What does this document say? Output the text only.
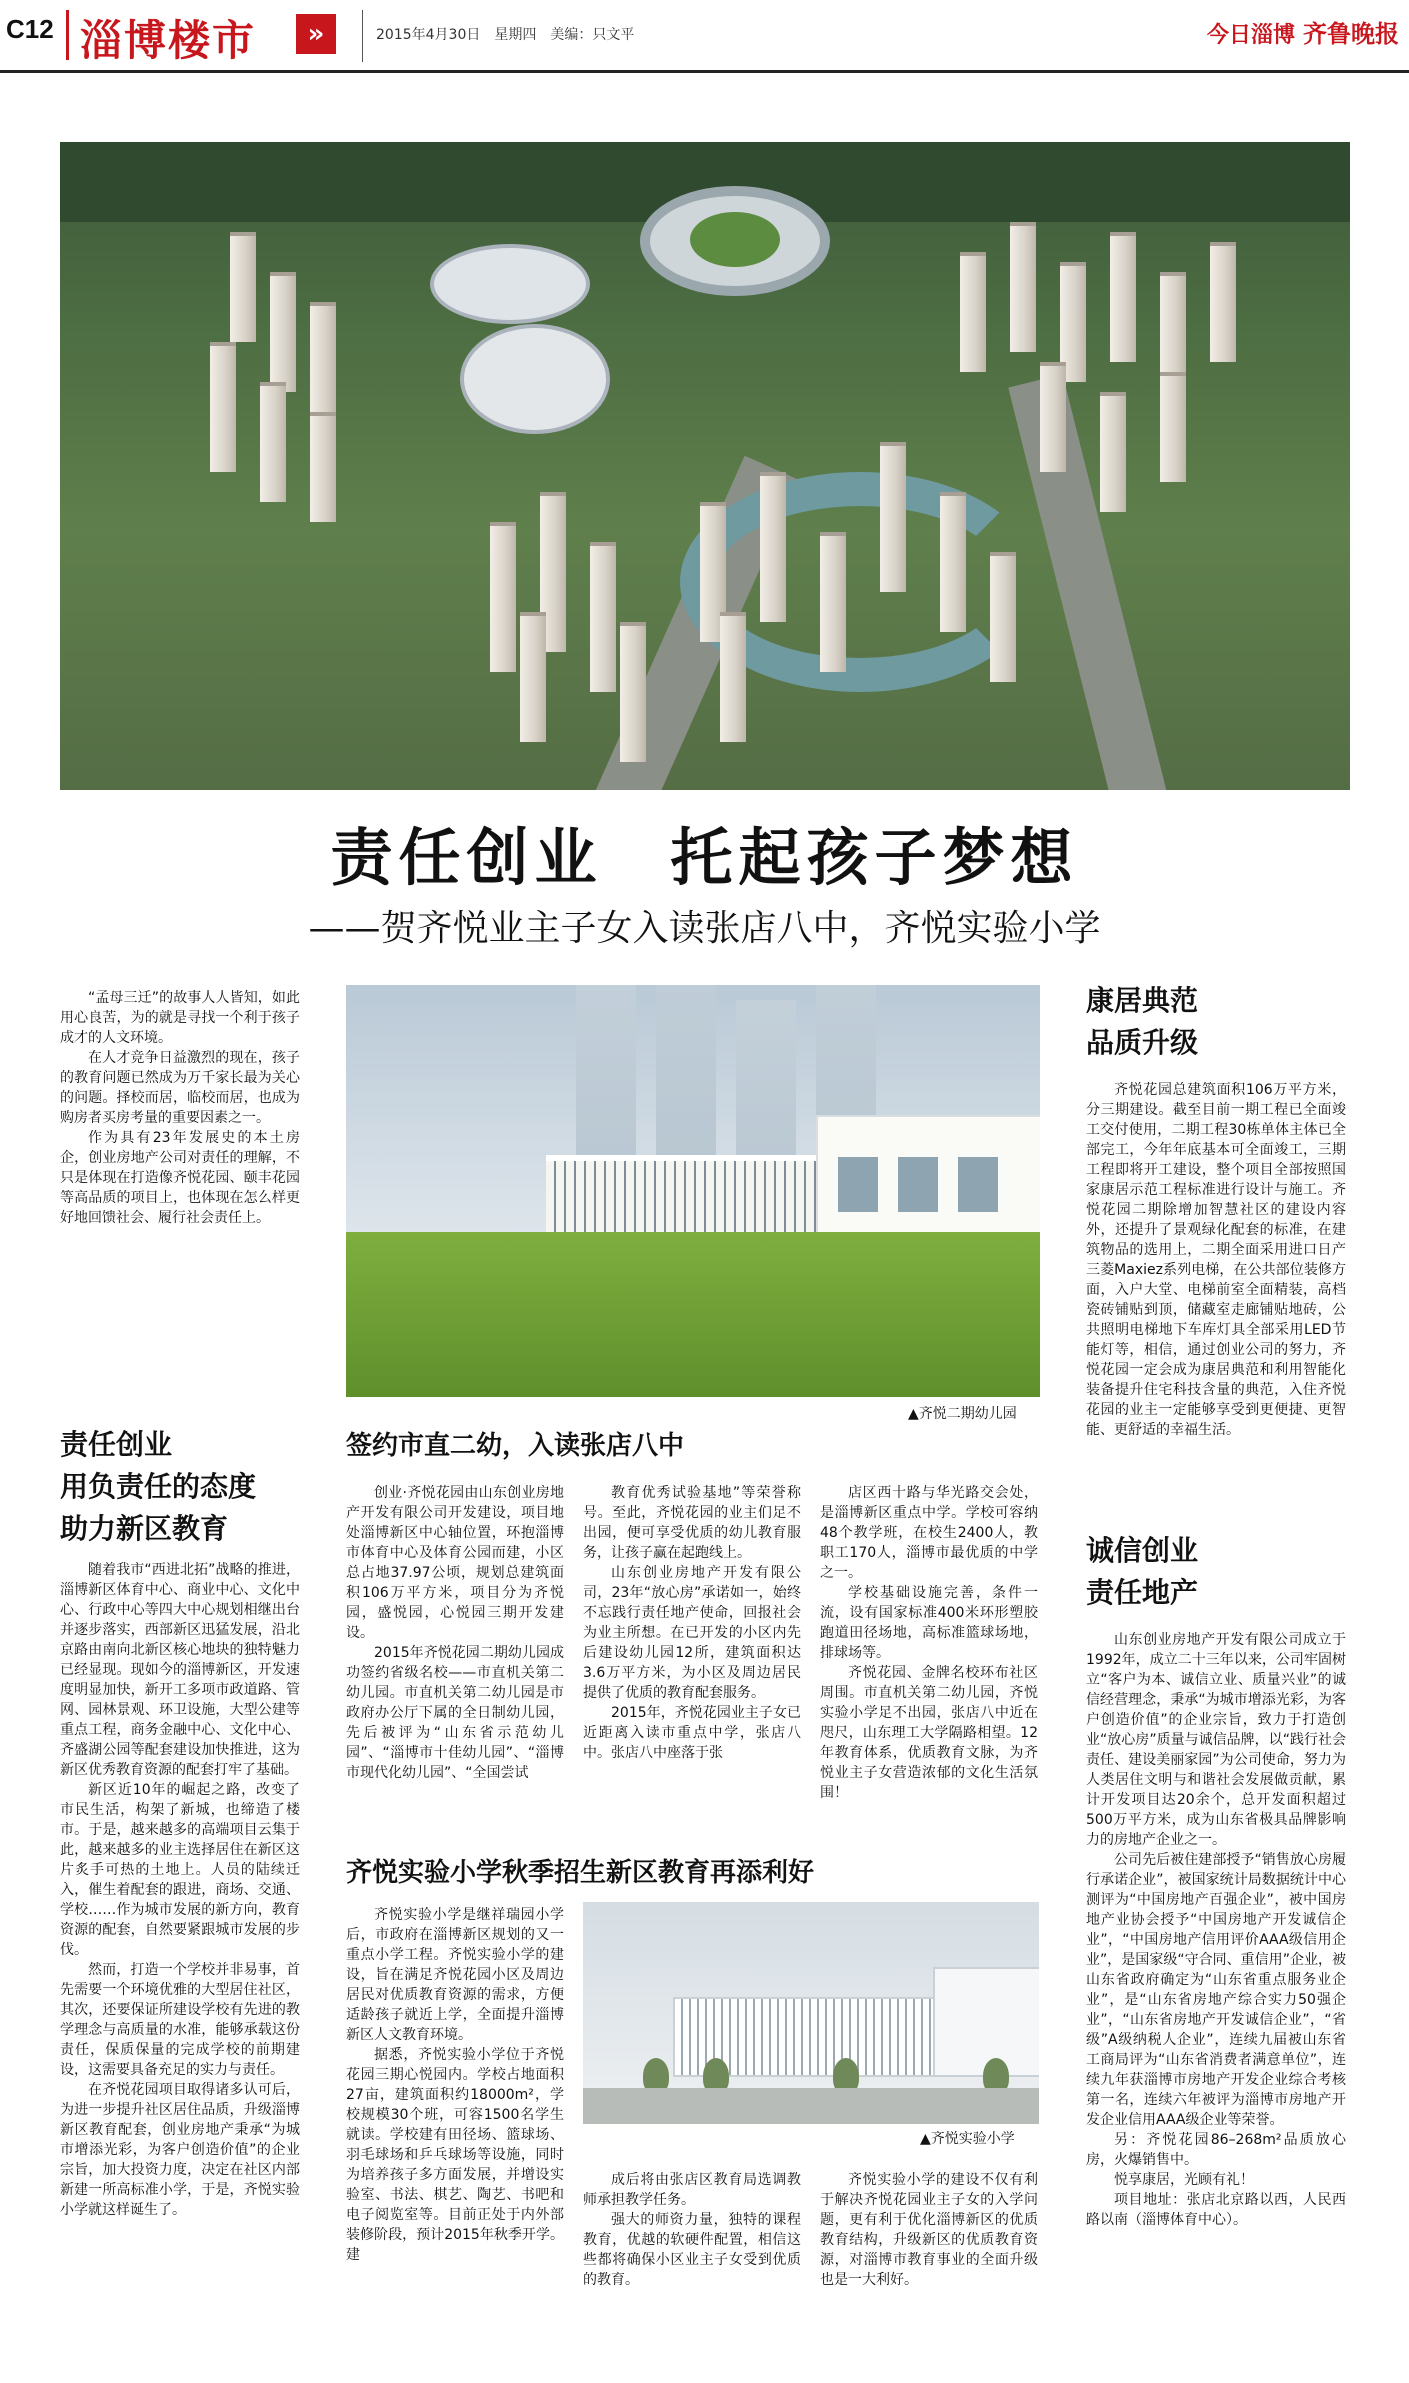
C12 淄博楼市	»	2015年4月30日　星期四　美编：只文平	今日淄博 齐鲁晚报
责任创业　托起孩子梦想
——贺齐悦业主子女入读张店八中，齐悦实验小学

“孟母三迁”的故事人人皆知，如此用心良苦，为的就是寻找一个利于孩子成才的人文环境。

在人才竞争日益激烈的现在，孩子的教育问题已然成为万千家长最为关心的问题。择校而居，临校而居，也成为购房者买房考量的重要因素之一。

作为具有23年发展史的本土房企，创业房地产公司对责任的理解，不只是体现在打造像齐悦花园、颐丰花园等高品质的项目上，也体现在怎么样更好地回馈社会、履行社会责任上。

责任创业
用负责任的态度
助力新区教育

随着我市“西进北拓”战略的推进，淄博新区体育中心、商业中心、文化中心、行政中心等四大中心规划相继出台并逐步落实，西部新区迅猛发展，沿北京路由南向北新区核心地块的独特魅力已经显现。现如今的淄博新区，开发速度明显加快，新开工多项市政道路、管网、园林景观、环卫设施，大型公建等重点工程，商务金融中心、文化中心、齐盛湖公园等配套建设加快推进，这为新区优秀教育资源的配套打牢了基础。

新区近10年的崛起之路，改变了市民生活，构架了新城，也缔造了楼市。于是，越来越多的高端项目云集于此，越来越多的业主选择居住在新区这片炙手可热的土地上。人员的陆续迁入，催生着配套的跟进，商场、交通、学校……作为城市发展的新方向，教育资源的配套，自然要紧跟城市发展的步伐。

然而，打造一个学校并非易事，首先需要一个环境优雅的大型居住社区，其次，还要保证所建设学校有先进的教学理念与高质量的水准，能够承载这份责任，保质保量的完成学校的前期建设，这需要具备充足的实力与责任。

在齐悦花园项目取得诸多认可后，为进一步提升社区居住品质，升级淄博新区教育配套，创业房地产秉承“为城市增添光彩，为客户创造价值”的企业宗旨，加大投资力度，决定在社区内部新建一所高标准小学，于是，齐悦实验小学就这样诞生了。

▲齐悦二期幼儿园
签约市直二幼，入读张店八中

创业·齐悦花园由山东创业房地产开发有限公司开发建设，项目地处淄博新区中心轴位置，环抱淄博市体育中心及体育公园而建，小区总占地37.97公顷，规划总建筑面积106万平方米，项目分为齐悦园，盛悦园，心悦园三期开发建设。

2015年齐悦花园二期幼儿园成功签约省级名校——市直机关第二幼儿园。市直机关第二幼儿园是市政府办公厅下属的全日制幼儿园，先后被评为“山东省示范幼儿园”、“淄博市十佳幼儿园”、“淄博市现代化幼儿园”、“全国尝试

教育优秀试验基地”等荣誉称号。至此，齐悦花园的业主们足不出园，便可享受优质的幼儿教育服务，让孩子赢在起跑线上。

山东创业房地产开发有限公司，23年“放心房”承诺如一，始终不忘践行责任地产使命，回报社会为业主所想。在已开发的小区内先后建设幼儿园12所，建筑面积达3.6万平方米，为小区及周边居民提供了优质的教育配套服务。

2015年，齐悦花园业主子女已近距离入读市重点中学，张店八中。张店八中座落于张

店区西十路与华光路交会处，是淄博新区重点中学。学校可容纳48个教学班，在校生2400人，教职工170人，淄博市最优质的中学之一。

学校基础设施完善，条件一流，设有国家标准400米环形塑胶跑道田径场地，高标准篮球场地，排球场等。

齐悦花园、金牌名校环布社区周围。市直机关第二幼儿园，齐悦实验小学足不出园，张店八中近在咫尺，山东理工大学隔路相望。12年教育体系，优质教育文脉，为齐悦业主子女营造浓郁的文化生活氛围！

齐悦实验小学秋季招生新区教育再添利好

齐悦实验小学是继祥瑞园小学后，市政府在淄博新区规划的又一重点小学工程。齐悦实验小学的建设，旨在满足齐悦花园小区及周边居民对优质教育资源的需求，方便适龄孩子就近上学，全面提升淄博新区人文教育环境。

据悉，齐悦实验小学位于齐悦花园三期心悦园内。学校占地面积27亩，建筑面积约18000m²，学校规模30个班，可容1500名学生就读。学校建有田径场、篮球场、羽毛球场和乒乓球场等设施，同时为培养孩子多方面发展，并增设实验室、书法、棋艺、陶艺、书吧和电子阅览室等。目前正处于内外部装修阶段，预计2015年秋季开学。建

▲齐悦实验小学

成后将由张店区教育局选调教师承担教学任务。

强大的师资力量，独特的课程教育，优越的软硬件配置，相信这些都将确保小区业主子女受到优质的教育。

齐悦实验小学的建设不仅有利于解决齐悦花园业主子女的入学问题，更有利于优化淄博新区的优质教育结构，升级新区的优质教育资源，对淄博市教育事业的全面升级也是一大利好。

康居典范
品质升级

齐悦花园总建筑面积106万平方米，分三期建设。截至目前一期工程已全面竣工交付使用，二期工程30栋单体主体已全部完工，今年年底基本可全面竣工，三期工程即将开工建设，整个项目全部按照国家康居示范工程标准进行设计与施工。齐悦花园二期除增加智慧社区的建设内容外，还提升了景观绿化配套的标准，在建筑物品的选用上，二期全面采用进口日产三菱Maxiez系列电梯，在公共部位装修方面，入户大堂、电梯前室全面精装，高档瓷砖铺贴到顶，储藏室走廊铺贴地砖，公共照明电梯地下车库灯具全部采用LED节能灯等，相信，通过创业公司的努力，齐悦花园一定会成为康居典范和利用智能化装备提升住宅科技含量的典范，入住齐悦花园的业主一定能够享受到更便捷、更智能、更舒适的幸福生活。

诚信创业
责任地产

山东创业房地产开发有限公司成立于1992年，成立二十三年以来，公司牢固树立“客户为本、诚信立业、质量兴业”的诚信经营理念，秉承“为城市增添光彩，为客户创造价值”的企业宗旨，致力于打造创业“放心房”质量与诚信品牌，以“践行社会责任、建设美丽家园”为公司使命，努力为人类居住文明与和谐社会发展做贡献，累计开发项目达20余个，总开发面积超过500万平方米，成为山东省极具品牌影响力的房地产企业之一。

公司先后被住建部授予“销售放心房履行承诺企业”，被国家统计局数据统计中心测评为“中国房地产百强企业”，被中国房地产业协会授予“中国房地产开发诚信企业”，“中国房地产信用评价AAA级信用企业”，是国家级“守合同、重信用”企业，被山东省政府确定为“山东省重点服务业企业”，是“山东省房地产综合实力50强企业”，“山东省房地产开发诚信企业”，“省级”A级纳税人企业”，连续九届被山东省工商局评为“山东省消费者满意单位”，连续九年获淄博市房地产开发企业综合考核第一名，连续六年被评为淄博市房地产开发企业信用AAA级企业等荣誉。

另：齐悦花园86–268m²品质放心房，火爆销售中。

悦享康居，光顾有礼！

项目地址：张店北京路以西，人民西路以南（淄博体育中心）。
